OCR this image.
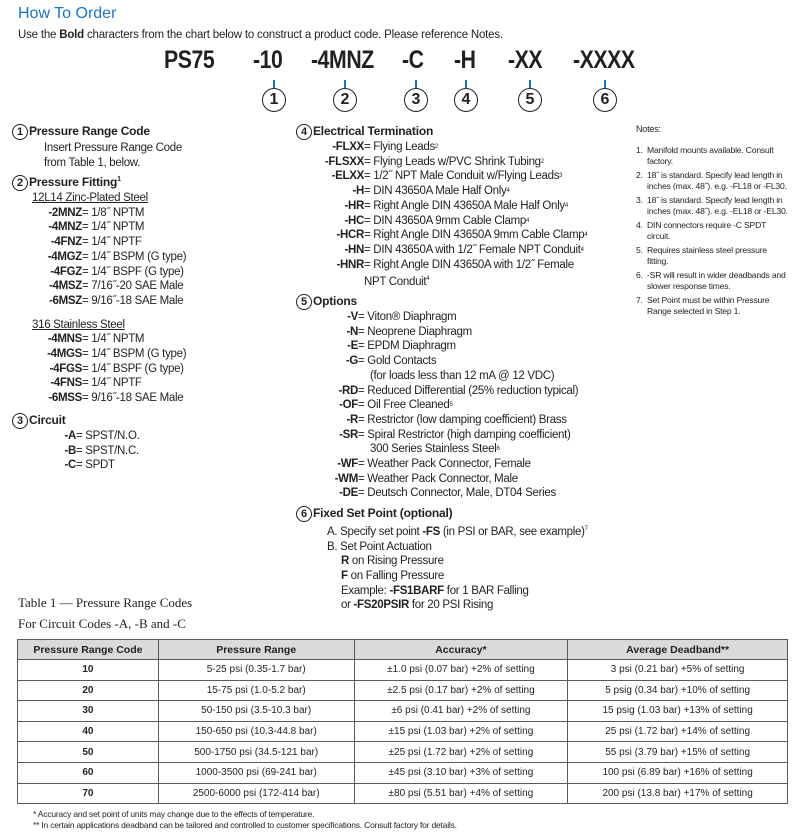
How To Order
Use the Bold characters from the chart below to construct a product code. Please reference Notes.
PS75 -10 -4MNZ -C -H -XX -XXXX
1	2	3	4	5	6
1 Pressure Range Code
Insert Pressure Range Code
from Table 1, below.
2 Pressure Fitting$^1$
12L14 Zinc-Plated Steel
-2MNZ = 1/8˝ NPTM
-4MNZ = 1/4˝ NPTM
-4FNZ = 1/4˝ NPTF
-4MGZ = 1/4˝ BSPM (G type)
-4FGZ = 1/4˝ BSPF (G type)
-4MSZ = 7/16˝-20 SAE Male
-6MSZ = 9/16˝-18 SAE Male
316 Stainless Steel
-4MNS = 1/4˝ NPTM
-4MGS = 1/4˝ BSPM (G type)
-4FGS = 1/4˝ BSPF (G type)
-4FNS = 1/4˝ NPTF
-6MSS = 9/16˝-18 SAE Male
3 Circuit
-A = SPST/N.O.
-B = SPST/N.C.
-C = SPDT
4 Electrical Termination
-FLXX = Flying Leads 2
-FLSXX = Flying Leads w/PVC Shrink Tubing 2
-ELXX = 1/2˝ NPT Male Conduit w/Flying Leads 3
-H = DIN 43650A Male Half Only 4
-HR = Right Angle DIN 43650A Male Half Only 4
-HC = DIN 43650A 9mm Cable Clamp 4
-HCR = Right Angle DIN 43650A 9mm Cable Clamp 4
-HN = DIN 43650A with 1/2˝ Female NPT Conduit 4
-HNR = Right Angle DIN 43650A with 1/2˝ Female
NPT Conduit$^4$
5 Options
-V = Viton® Diaphragm
-N = Neoprene Diaphragm
-E = EPDM Diaphragm
-G = Gold Contacts
(for loads less than 12 mA @ 12 VDC)
-RD = Reduced Differential (25% reduction typical)
-OF = Oil Free Cleaned 5
-R = Restrictor (low damping coefficient) Brass
-SR = Spiral Restrictor (high damping coefficient)
300 Series Stainless Steel 6
-WF = Weather Pack Connector, Female
-WM = Weather Pack Connector, Male
-DE = Deutsch Connector, Male, DT04 Series
6 Fixed Set Point (optional)
A. Specify set point -FS (in PSI or BAR, see example)$^7$
B. Set Point Actuation
R on Rising Pressure
F on Falling Pressure
Example: -FS1BARF for 1 BAR Falling
or -FS20PSIR for 20 PSI Rising
Notes:
1. Manifold mounts available. Consult factory.
2. 18˝ is standard. Specify lead length in inches (max. 48˝). e.g. -FL18 or -FL30.
3. 18˝ is standard. Specify lead length in inches (max. 48˝). e.g. -EL18 or -EL30.
4. DIN connectors require -C SPDT circuit.
5. Requires stainless steel pressure fitting.
6. -SR will result in wider deadbands and slower response times.
7. Set Point must be within Pressure Range selected in Step 1.
Table 1 — Pressure Range Codes
For Circuit Codes -A, -B and -C
Pressure Range Code	Pressure Range	Accuracy*	Average Deadband**
10	5-25 psi (0.35-1.7 bar)	±1.0 psi (0.07 bar) +2% of setting	3 psi (0.21 bar) +5% of setting
20	15-75 psi (1.0-5.2 bar)	±2.5 psi (0.17 bar) +2% of setting	5 psig (0.34 bar) +10% of setting
30	50-150 psi (3.5-10.3 bar)	±6 psi (0.41 bar) +2% of setting	15 psig (1.03 bar) +13% of setting
40	150-650 psi (10.3-44.8 bar)	±15 psi (1.03 bar) +2% of setting	25 psi (1.72 bar) +14% of setting
50	500-1750 psi (34.5-121 bar)	±25 psi (1.72 bar) +2% of setting	55 psi (3.79 bar) +15% of setting
60	1000-3500 psi (69-241 bar)	±45 psi (3.10 bar) +3% of setting	100 psi (6.89 bar) +16% of setting
70	2500-6000 psi (172-414 bar)	±80 psi (5.51 bar) +4% of setting	200 psi (13.8 bar) +17% of setting
* Accuracy and set point of units may change due to the effects of temperature.
** In certain applications deadband can be tailored and controlled to customer specifications. Consult factory for details.
